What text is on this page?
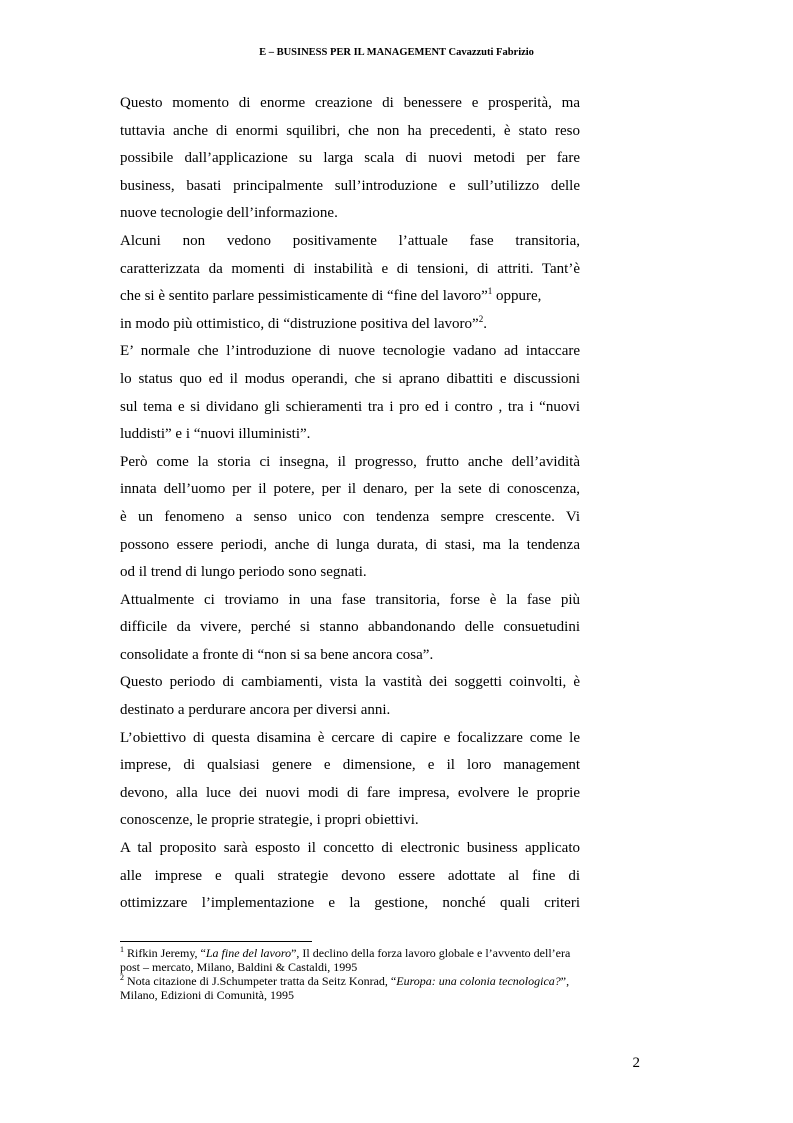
E – BUSINESS PER IL MANAGEMENT Cavazzuti Fabrizio
Questo momento di enorme creazione di benessere e prosperità, ma
tuttavia anche di enormi squilibri, che non ha precedenti, è stato reso
possibile dall’applicazione su larga scala di nuovi metodi per fare
business, basati principalmente sull’introduzione e sull’utilizzo delle
nuove tecnologie dell’informazione.
Alcuni non vedono positivamente l’attuale fase transitoria,
caratterizzata da momenti di instabilità e di tensioni, di attriti. Tant’è
che si è sentito parlare pessimisticamente di “fine del lavoro”$^1$ oppure,
in modo più ottimistico, di “distruzione positiva del lavoro”$^2$.
E’ normale che l’introduzione di nuove tecnologie vadano ad intaccare
lo status quo ed il modus operandi, che si aprano dibattiti e discussioni
sul tema e si dividano gli schieramenti tra i pro ed i contro , tra i “nuovi
luddisti” e i “nuovi illuministi”.
Però come la storia ci insegna, il progresso, frutto anche dell’avidità
innata dell’uomo per il potere, per il denaro, per la sete di conoscenza,
è un fenomeno a senso unico con tendenza sempre crescente. Vi
possono essere periodi, anche di lunga durata, di stasi, ma la tendenza
od il trend di lungo periodo sono segnati.
Attualmente ci troviamo in una fase transitoria, forse è la fase più
difficile da vivere, perché si stanno abbandonando delle consuetudini
consolidate a fronte di “non si sa bene ancora cosa”.
Questo periodo di cambiamenti, vista la vastità dei soggetti coinvolti, è
destinato a perdurare ancora per diversi anni.
L’obiettivo di questa disamina è cercare di capire e focalizzare come le
imprese, di qualsiasi genere e dimensione, e il loro management
devono, alla luce dei nuovi modi di fare impresa, evolvere le proprie
conoscenze, le proprie strategie, i propri obiettivi.
A tal proposito sarà esposto il concetto di electronic business applicato
alle imprese e quali strategie devono essere adottate al fine di
ottimizzare l’implementazione e la gestione, nonché quali criteri
$^1$ Rifkin Jeremy, “La fine del lavoro”, Il declino della forza lavoro globale e l’avvento dell’era
post – mercato, Milano, Baldini & Castaldi, 1995
$^2$ Nota citazione di J.Schumpeter tratta da Seitz Konrad, “Europa: una colonia tecnologica?”,
Milano, Edizioni di Comunità, 1995
2
